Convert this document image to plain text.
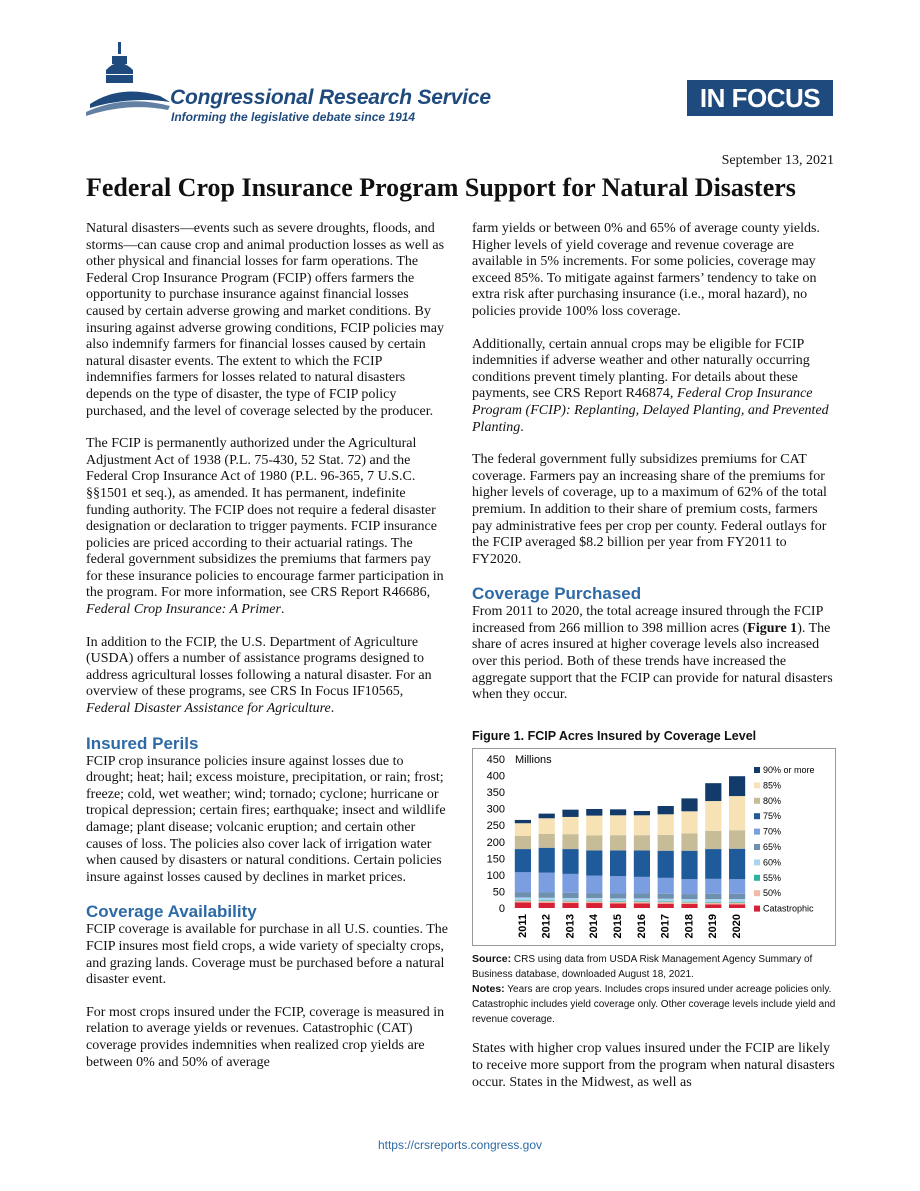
Congressional Research Service
Informing the legislative debate since 1914
IN FOCUS
September 13, 2021
Federal Crop Insurance Program Support for Natural Disasters

Natural disasters—events such as severe droughts, floods, and storms—can cause crop and animal production losses as well as other physical and financial losses for farm operations. The Federal Crop Insurance Program (FCIP) offers farmers the opportunity to purchase insurance against financial losses caused by certain adverse growing and market conditions. By insuring against adverse growing conditions, FCIP policies may also indemnify farmers for financial losses caused by certain natural disaster events. The extent to which the FCIP indemnifies farmers for losses related to natural disasters depends on the type of disaster, the type of FCIP policy purchased, and the level of coverage selected by the producer.

The FCIP is permanently authorized under the Agricultural Adjustment Act of 1938 (P.L. 75-430, 52 Stat. 72) and the Federal Crop Insurance Act of 1980 (P.L. 96-365, 7 U.S.C. §§1501 et seq.), as amended. It has permanent, indefinite funding authority. The FCIP does not require a federal disaster designation or declaration to trigger payments. FCIP insurance policies are priced according to their actuarial ratings. The federal government subsidizes the premiums that farmers pay for these insurance policies to encourage farmer participation in the program. For more information, see CRS Report R46686, Federal Crop Insurance: A Primer.

In addition to the FCIP, the U.S. Department of Agriculture (USDA) offers a number of assistance programs designed to address agricultural losses following a natural disaster. For an overview of these programs, see CRS In Focus IF10565, Federal Disaster Assistance for Agriculture.

Insured Perils

FCIP crop insurance policies insure against losses due to drought; heat; hail; excess moisture, precipitation, or rain; frost; freeze; cold, wet weather; wind; tornado; cyclone; hurricane or tropical depression; certain fires; earthquake; insect and wildlife damage; plant disease; volcanic eruption; and certain other causes of loss. The policies also cover lack of irrigation water when caused by disasters or natural conditions. Certain policies insure against losses caused by declines in market prices.

Coverage Availability

FCIP coverage is available for purchase in all U.S. counties. The FCIP insures most field crops, a wide variety of specialty crops, and grazing lands. Coverage must be purchased before a natural disaster event.

For most crops insured under the FCIP, coverage is measured in relation to average yields or revenues. Catastrophic (CAT) coverage provides indemnities when realized crop yields are between 0% and 50% of average

farm yields or between 0% and 65% of average county yields. Higher levels of yield coverage and revenue coverage are available in 5% increments. For some policies, coverage may exceed 85%. To mitigate against farmers’ tendency to take on extra risk after purchasing insurance (i.e., moral hazard), no policies provide 100% loss coverage.

Additionally, certain annual crops may be eligible for FCIP indemnities if adverse weather and other naturally occurring conditions prevent timely planting. For details about these payments, see CRS Report R46874, Federal Crop Insurance Program (FCIP): Replanting, Delayed Planting, and Prevented Planting.

The federal government fully subsidizes premiums for CAT coverage. Farmers pay an increasing share of the premiums for higher levels of coverage, up to a maximum of 62% of the total premium. In addition to their share of premium costs, farmers pay administrative fees per crop per county. Federal outlays for the FCIP averaged $8.2 billion per year from FY2011 to FY2020.

Coverage Purchased

From 2011 to 2020, the total acreage insured through the FCIP increased from 266 million to 398 million acres (Figure 1). The share of acres insured at higher coverage levels also increased over this period. Both of these trends have increased the aggregate support that the FCIP can provide for natural disasters when they occur.

Figure 1. FCIP Acres Insured by Coverage Level
0
50
100
150
200
250
300
350
400
450 Millions
2011 2012 2013 2014 2015 2016 2017 2018 2019 2020
90% or more
85%
80%
75%
70%
65%
60%
55%
50%
Catastrophic
Source: CRS using data from USDA Risk Management Agency Summary of Business database, downloaded August 18, 2021.
Notes: Years are crop years. Includes crops insured under acreage policies only. Catastrophic includes yield coverage only. Other coverage levels include yield and revenue coverage.

States with higher crop values insured under the FCIP are likely to receive more support from the program when natural disasters occur. States in the Midwest, as well as

https://crsreports.congress.gov
